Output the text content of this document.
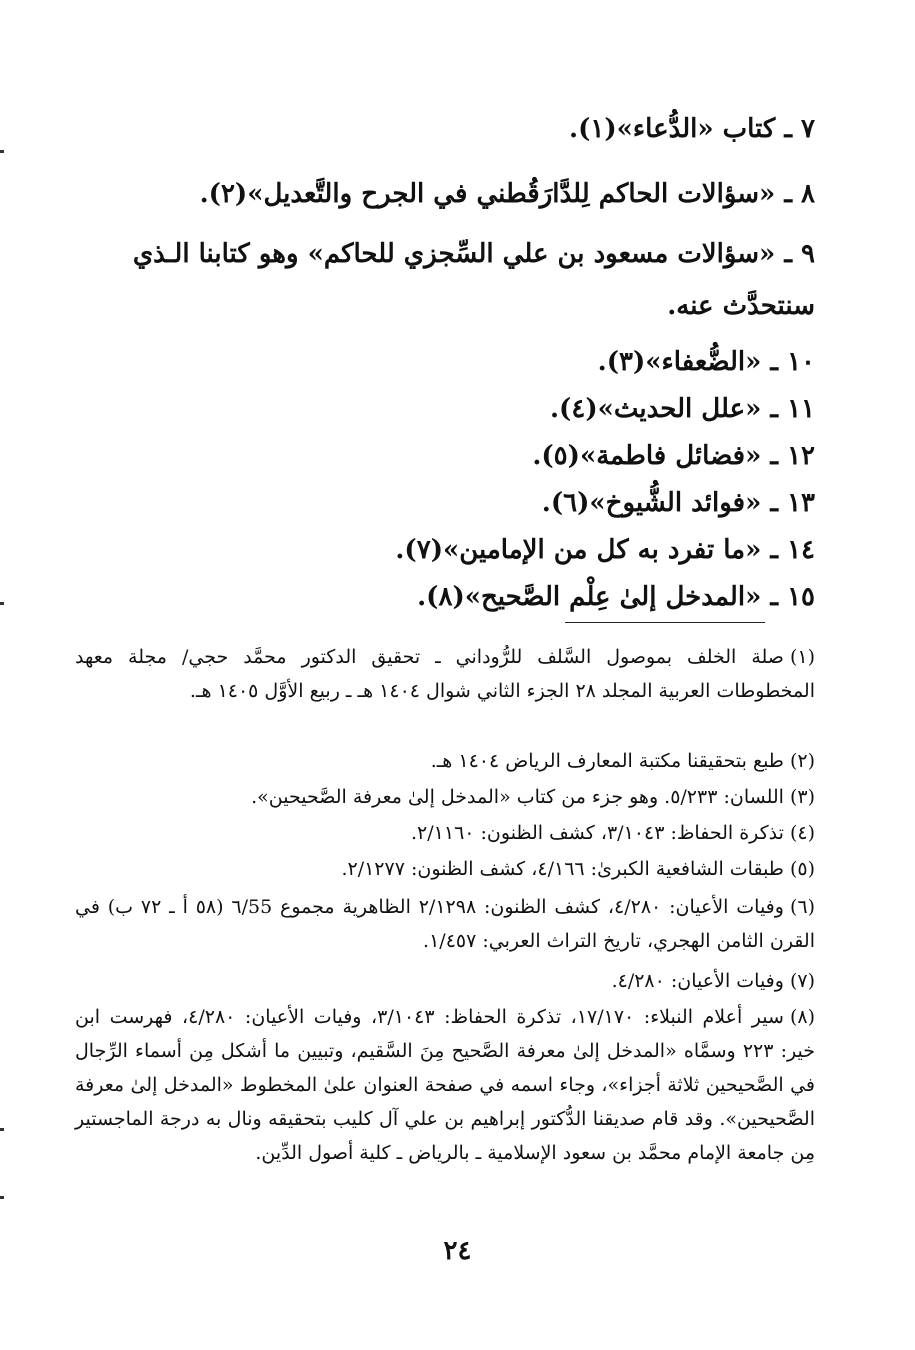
٧ ـ كتاب «الدُّعاء»(١).
٨ ـ «سؤالات الحاكم لِلدَّارَقُطني في الجرح والتَّعديل»(٢).
٩ ـ «سؤالات مسعود بن علي السِّجزي للحاكم» وهو كتابنا الـذي سنتحدَّث عنه.
١٠ ـ «الضُّعفاء»(٣).
١١ ـ «علل الحديث»(٤).
١٢ ـ «فضائل فاطمة»(٥).
١٣ ـ «فوائد الشُّيوخ»(٦).
١٤ ـ «ما تفرد به كل من الإمامين»(٧).
١٥ ـ «المدخل إلىٰ عِلْم الصَّحيح»(٨).
(١)صلة الخلف بموصول السَّلف للرُّوداني ـ تحقيق الدكتور محمَّد حجي/ مجلة معهد المخطوطات العربية المجلد ٢٨ الجزء الثاني شوال ١٤٠٤ هـ ـ ربيع الأوَّل ١٤٠٥ هـ.
(٢)طبع بتحقيقنا مكتبة المعارف الرياض ١٤٠٤ هـ.
(٣)اللسان: ٥/٢٣٣. وهو جزء من كتاب «المدخل إلىٰ معرفة الصَّحيحين».
(٤)تذكرة الحفاظ: ٣/١٠٤٣، كشف الظنون: ٢/١١٦٠.
(٥)طبقات الشافعية الكبرىٰ: ٤/١٦٦، كشف الظنون: ٢/١٢٧٧.
(٦)وفيات الأعيان: ٤/٢٨٠، كشف الظنون: ٢/١٢٩٨ الظاهرية مجموع ٦/55 (٥٨ أ ـ ٧٢ ب) في القرن الثامن الهجري، تاريخ التراث العربي: ١/٤٥٧.
(٧)وفيات الأعيان: ٤/٢٨٠.
(٨)سير أعلام النبلاء: ١٧/١٧٠، تذكرة الحفاظ: ٣/١٠٤٣، وفيات الأعيان: ٤/٢٨٠، فهرست ابن خير: ٢٢٣ وسمَّاه «المدخل إلىٰ معرفة الصَّحيح مِنَ السَّقيم، وتبيين ما أشكل مِن أسماء الرِّجال في الصَّحيحين ثلاثة أجزاء»، وجاء اسمه في صفحة العنوان علىٰ المخطوط «المدخل إلىٰ معرفة الصَّحيحين». وقد قام صديقنا الدُّكتور إبراهيم بن علي آل كليب بتحقيقه ونال به درجة الماجستير مِن جامعة الإمام محمَّد بن سعود الإسلامية ـ بالرياض ـ كلية أصول الدِّين.
٢٤
